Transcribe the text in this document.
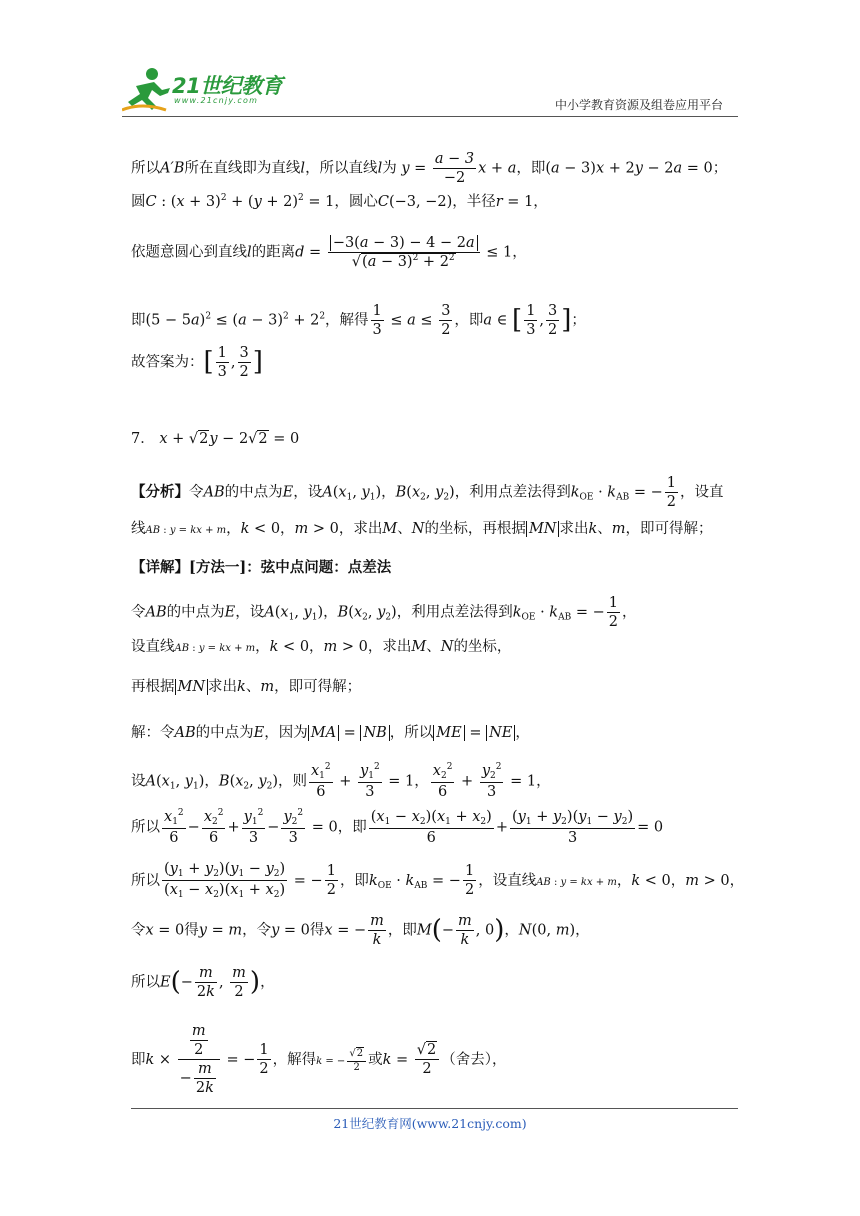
21世纪教育
www.21cnjy.com	中小学教育资源及组卷应用平台
所以A′B所在直线即为直线l，所以直线l为 $y = \frac{a - 3}{-2}$ x + a，即(a − 3)x + 2y − 2a = 0；
圆C : $(x + 3)^2 + (y + 2)^2 = 1$，圆心C(−3, −2)，半径r = 1，
依题意圆心到直线l的距离$d = \frac{-3(a - 3) - 4 - 2a}{√(a - 3)^2 + 2^2} \le 1$，
即$(5 - 5a)^2 \le (a - 3)^2 + 2^2$，解得 $\frac{1}{3} \le a \le \frac{3}{2}$ ，即a ∈ [ $\frac{1}{3}$ , $\frac{3}{2}$ ]；
故答案为：[ $\frac{1}{3}$ , $\frac{3}{2}$ ]
7． x + √2y − 2√2 = 0
【分析】令AB的中点为E，设$A(x_1$, $y_1$)，$B(x_2$, $y_2$)，利用点差法得到$k_{OE} \cdot k_{AB}$ = − $\frac{1}{2}$ ，设直
线AB : y = kx + m，k < 0，m > 0，求出M、N的坐标，再根据 MN 求出k、m，即可得解；
【详解】[方法一]：弦中点问题：点差法
令AB的中点为E，设$A(x_1$, $y_1$)，$B(x_2$, $y_2$)，利用点差法得到$k_{OE} \cdot k_{AB}$ = − $\frac{1}{2}$ ，
设直线AB : y = kx + m，k < 0，m > 0，求出M、N的坐标，
再根据 MN 求出k、m，即可得解；
解：令AB的中点为E，因为 MA = NB ，所以 ME = NE ，
设$A(x_1$, $y_1$)，$B(x_2$, $y_2$)，则 $\frac{x_1^2}{6} + \frac{y_1^2}{3} = 1$， $\frac{x_2^2}{6} + \frac{y_2^2}{3} = 1$，
所以 $\frac{x_1^2}{6} - \frac{x_2^2}{6} + \frac{y_1^2}{3} - \frac{y_2^2}{3} = 0$，即 $\frac{(x_1 - x_2)(x_1 + x_2)}{6} + \frac{(y_1 + y_2)(y_1 - y_2)}{3} = 0$
所以 $\frac{(y_1 + y_2)(y_1 - y_2)}{(x_1 - x_2)(x_1 + x_2)}$ = − $\frac{1}{2}$ ，即$k_{OE} \cdot k_{AB}$ = − $\frac{1}{2}$ ，设直线AB : y = kx + m，k < 0，m > 0，
令x = 0得y = m，令y = 0得x = − $\frac{m}{k}$ ，即$M(- \frac{m}{k}$ , 0)，N(0, m)，
所以$E(- \frac{m}{2k}$ , $\frac{m}{2}$ )，
即$k \times \frac{\frac{m}{2}}{- \frac{m}{2k}}$ = − $\frac{1}{2}$ ，解得k = − $\frac{√2}{2}$ 或$k = \frac{√2}{2}$ （舍去），
21世纪教育网(www.21cnjy.com)
